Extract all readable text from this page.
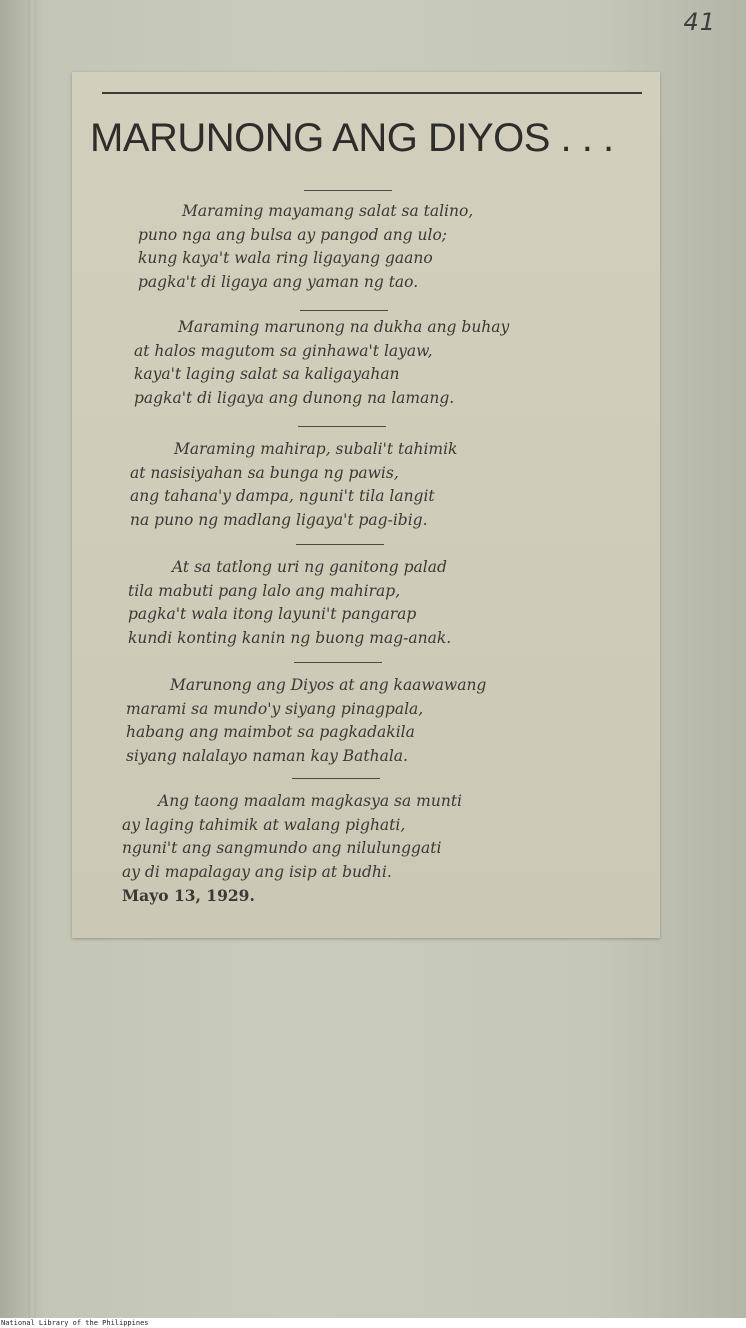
41
MARUNONG ANG DIYOS . . .
Maraming mayamang salat sa talino,
puno nga ang bulsa ay pangod ang ulo;
kung kaya't wala ring ligayang gaano
pagka't di ligaya ang yaman ng tao.
Maraming marunong na dukha ang buhay
at halos magutom sa ginhawa't layaw,
kaya't laging salat sa kaligayahan
pagka't di ligaya ang dunong na lamang.
Maraming mahirap, subali't tahimik
at nasisiyahan sa bunga ng pawis,
ang tahana'y dampa, nguni't tila langit
na puno ng madlang ligaya't pag-ibig.
At sa tatlong uri ng ganitong palad
tila mabuti pang lalo ang mahirap,
pagka't wala itong layuni't pangarap
kundi konting kanin ng buong mag-anak.
Marunong ang Diyos at ang kaawawang
marami sa mundo'y siyang pinagpala,
habang ang maimbot sa pagkadakila
siyang nalalayo naman kay Bathala.
Ang taong maalam magkasya sa munti
ay laging tahimik at walang pighati,
nguni't ang sangmundo ang nilulunggati
ay di mapalagay ang isip at budhi.
Mayo 13, 1929.
National Library of the Philippines
